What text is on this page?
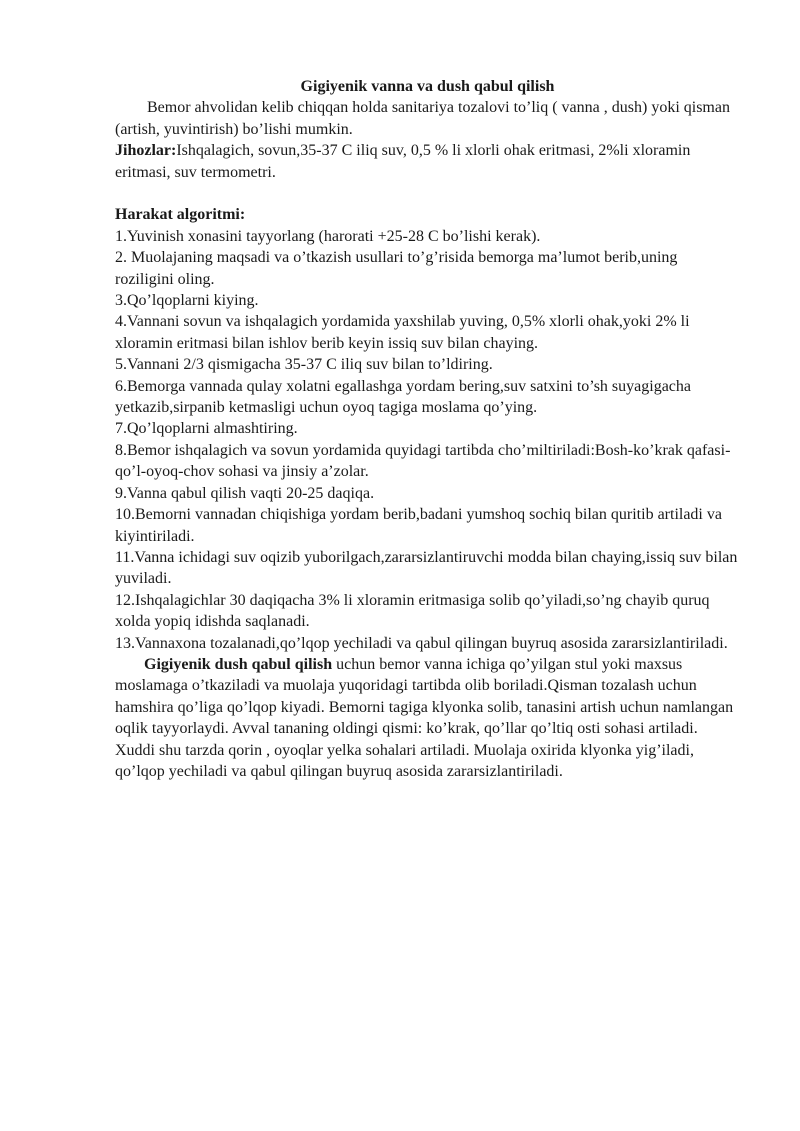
Gigiyenik vanna va dush qabul qilish

Bemor ahvolidan kelib chiqqan holda sanitariya tozalovi to’liq ( vanna , dush) yoki qisman (artish, yuvintirish) bo’lishi mumkin.

Jihozlar:Ishqalagich, sovun,35-37 C iliq suv, 0,5 % li xlorli ohak eritmasi, 2%li xloramin eritmasi, suv termometri.

Harakat algoritmi:

1.Yuvinish xonasini tayyorlang (harorati +25-28 C bo’lishi kerak).

2. Muolajaning maqsadi va o’tkazish usullari to’g’risida bemorga ma’lumot berib,uning roziligini oling.

3.Qo’lqoplarni kiying.

4.Vannani sovun va ishqalagich yordamida yaxshilab yuving, 0,5% xlorli ohak,yoki 2% li xloramin eritmasi bilan ishlov berib keyin issiq suv bilan chaying.

5.Vannani 2/3 qismigacha 35-37 C iliq suv bilan to’ldiring.

6.Bemorga vannada qulay xolatni egallashga yordam bering,suv satxini to’sh suyagigacha yetkazib,sirpanib ketmasligi uchun oyoq tagiga moslama qo’ying.

7.Qo’lqoplarni almashtiring.

8.Bemor ishqalagich va sovun yordamida quyidagi tartibda cho’miltiriladi:Bosh-ko’krak qafasi-qo’l-oyoq-chov sohasi va jinsiy a’zolar.

9.Vanna qabul qilish vaqti 20-25 daqiqa.

10.Bemorni vannadan chiqishiga yordam berib,badani yumshoq sochiq bilan quritib artiladi va kiyintiriladi.

11.Vanna ichidagi suv oqizib yuborilgach,zararsizlantiruvchi modda bilan chaying,issiq suv bilan yuviladi.

12.Ishqalagichlar 30 daqiqacha 3% li xloramin eritmasiga solib qo’yiladi,so’ng chayib quruq xolda yopiq idishda saqlanadi.

13.Vannaxona tozalanadi,qo’lqop yechiladi va qabul qilingan buyruq asosida zararsizlantiriladi.

Gigiyenik dush qabul qilish uchun bemor vanna ichiga qo’yilgan stul yoki maxsus moslamaga o’tkaziladi va muolaja yuqoridagi tartibda olib boriladi.Qisman tozalash uchun hamshira qo’liga qo’lqop kiyadi. Bemorni tagiga klyonka solib, tanasini artish uchun namlangan oqlik tayyorlaydi. Avval tananing oldingi qismi: ko’krak, qo’llar qo’ltiq osti sohasi artiladi. Xuddi shu tarzda qorin , oyoqlar yelka sohalari artiladi. Muolaja oxirida klyonka yig’iladi, qo’lqop yechiladi va qabul qilingan buyruq asosida zararsizlantiriladi.
